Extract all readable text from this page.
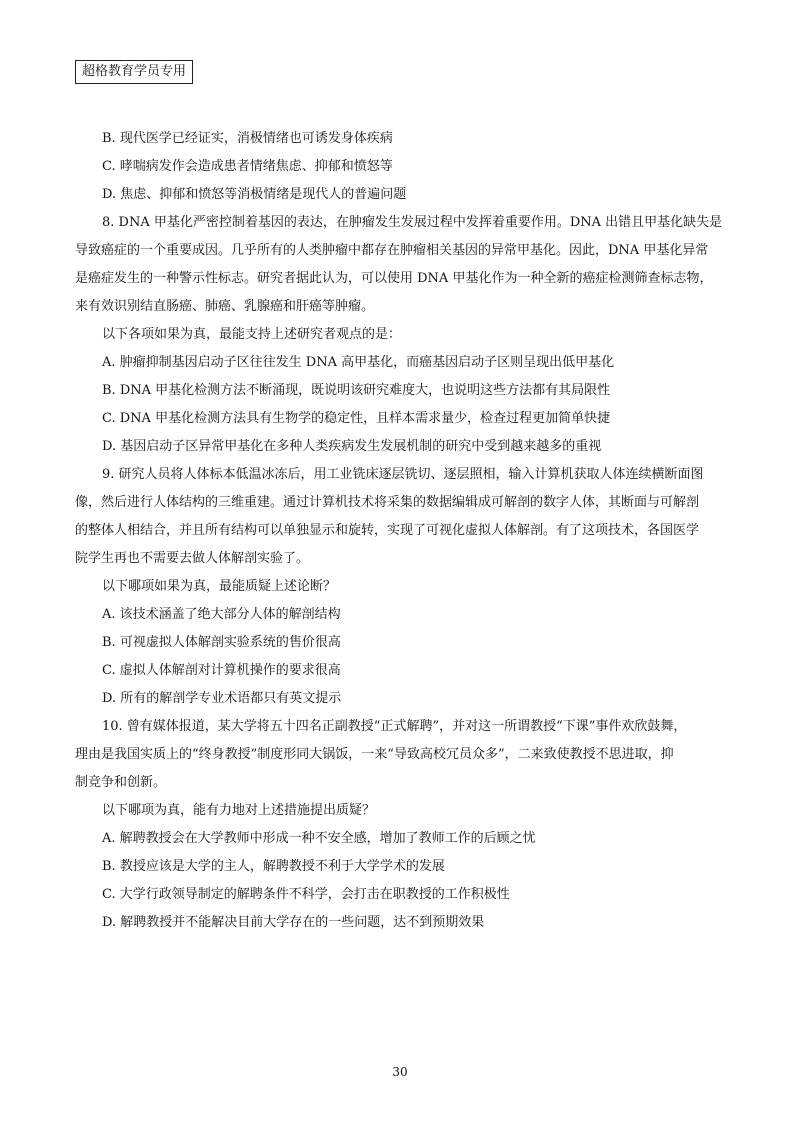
超格教育学员专用
B. 现代医学已经证实，消极情绪也可诱发身体疾病
C. 哮喘病发作会造成患者情绪焦虑、抑郁和愤怒等
D. 焦虑、抑郁和愤怒等消极情绪是现代人的普遍问题
8. DNA 甲基化严密控制着基因的表达，在肿瘤发生发展过程中发挥着重要作用。DNA 出错且甲基化缺失是
导致癌症的一个重要成因。几乎所有的人类肿瘤中都存在肿瘤相关基因的异常甲基化。因此，DNA 甲基化异常
是癌症发生的一种警示性标志。研究者据此认为，可以使用 DNA 甲基化作为一种全新的癌症检测筛查标志物，
来有效识别结直肠癌、肺癌、乳腺癌和肝癌等肿瘤。
以下各项如果为真，最能支持上述研究者观点的是：
A. 肿瘤抑制基因启动子区往往发生 DNA 高甲基化，而癌基因启动子区则呈现出低甲基化
B. DNA 甲基化检测方法不断涌现，既说明该研究难度大，也说明这些方法都有其局限性
C. DNA 甲基化检测方法具有生物学的稳定性，且样本需求量少，检查过程更加简单快捷
D. 基因启动子区异常甲基化在多种人类疾病发生发展机制的研究中受到越来越多的重视
9. 研究人员将人体标本低温冰冻后，用工业铣床逐层铣切、逐层照相，输入计算机获取人体连续横断面图
像，然后进行人体结构的三维重建。通过计算机技术将采集的数据编辑成可解剖的数字人体，其断面与可解剖
的整体人相结合，并且所有结构可以单独显示和旋转，实现了可视化虚拟人体解剖。有了这项技术，各国医学
院学生再也不需要去做人体解剖实验了。
以下哪项如果为真，最能质疑上述论断？
A. 该技术涵盖了绝大部分人体的解剖结构
B. 可视虚拟人体解剖实验系统的售价很高
C. 虚拟人体解剖对计算机操作的要求很高
D. 所有的解剖学专业术语都只有英文提示
10. 曾有媒体报道，某大学将五十四名正副教授“正式解聘”，并对这一所谓教授“下课”事件欢欣鼓舞，
理由是我国实质上的“终身教授”制度形同大锅饭，一来“导致高校冗员众多”，二来致使教授不思进取，抑
制竞争和创新。
以下哪项为真，能有力地对上述措施提出质疑？
A. 解聘教授会在大学教师中形成一种不安全感，增加了教师工作的后顾之忧
B. 教授应该是大学的主人，解聘教授不利于大学学术的发展
C. 大学行政领导制定的解聘条件不科学，会打击在职教授的工作积极性
D. 解聘教授并不能解决目前大学存在的一些问题，达不到预期效果
30
